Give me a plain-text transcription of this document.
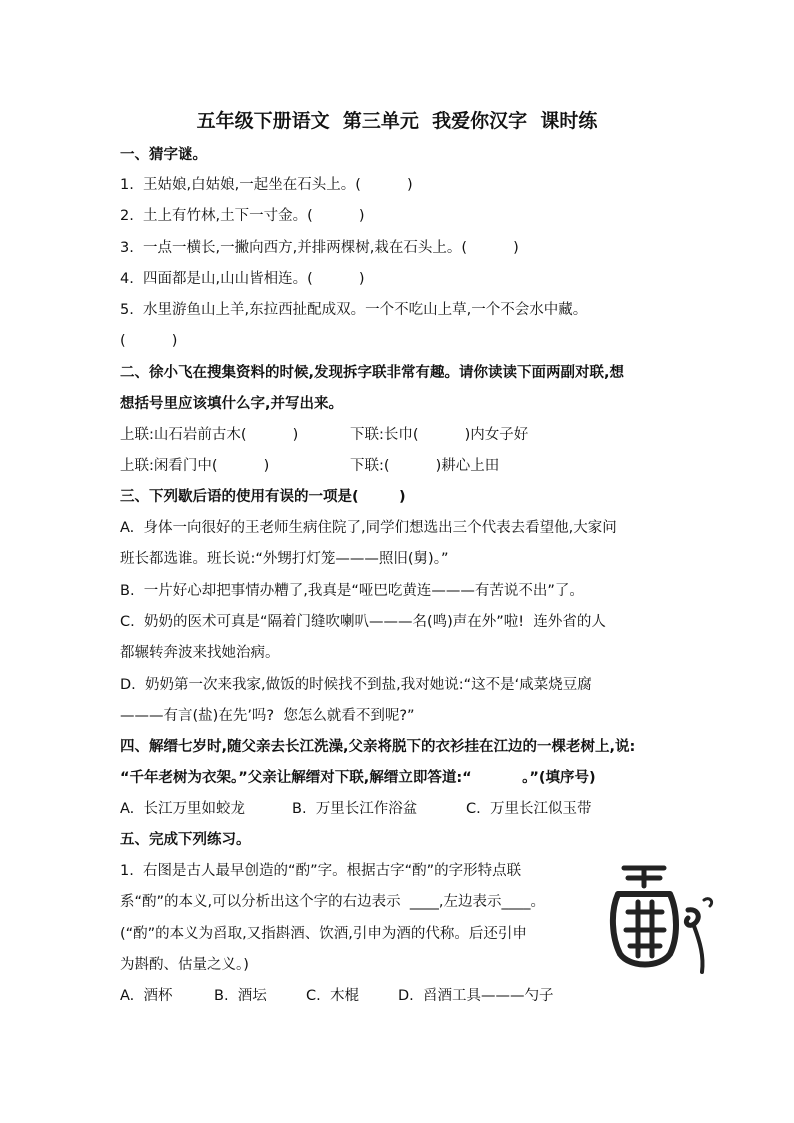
五年级下册语文  第三单元  我爱你汉字  课时练
一、猜字谜。
1.  王姑娘,白姑娘,一起坐在石头上。(          )
2.  土上有竹林,土下一寸金。(          )
3.  一点一横长,一撇向西方,并排两棵树,栽在石头上。(          )
4.  四面都是山,山山皆相连。(          )
5.  水里游鱼山上羊,东拉西扯配成双。一个不吃山上草,一个不会水中藏。
(          )
二、徐小飞在搜集资料的时候,发现拆字联非常有趣。请你读读下面两副对联,想
想括号里应该填什么字,并写出来。
上联:山石岩前古木(          )	下联:长巾(          )内女子好
上联:闲看门中(          )	下联:(          )耕心上田
三、下列歇后语的使用有误的一项是(        )
A.  身体一向很好的王老师生病住院了,同学们想选出三个代表去看望他,大家问
班长都选谁。班长说:“外甥打灯笼———照旧(舅)。”
B.  一片好心却把事情办糟了,我真是“哑巴吃黄连———有苦说不出”了。
C.  奶奶的医术可真是“隔着门缝吹喇叭———名(鸣)声在外”啦!  连外省的人
都辗转奔波来找她治病。
D.  奶奶第一次来我家,做饭的时候找不到盐,我对她说:“这不是‘咸菜烧豆腐
———有言(盐)在先’吗?  您怎么就看不到呢?”
四、解缙七岁时,随父亲去长江洗澡,父亲将脱下的衣衫挂在江边的一棵老树上,说:
“千年老树为衣架。”父亲让解缙对下联,解缙立即答道:“          。”(填序号)
A.  长江万里如蛟龙	B.  万里长江作浴盆	C.  万里长江似玉带
五、完成下列练习。
1.  右图是古人最早创造的“酌”字。根据古字“酌”的字形特点联
系“酌”的本义,可以分析出这个字的右边表示  ____,左边表示____。
(“酌”的本义为舀取,又指斟酒、饮酒,引申为酒的代称。后还引申
为斟酌、估量之义。)
A.  酒杯	B.  酒坛	C.  木棍	D.  舀酒工具———勺子
